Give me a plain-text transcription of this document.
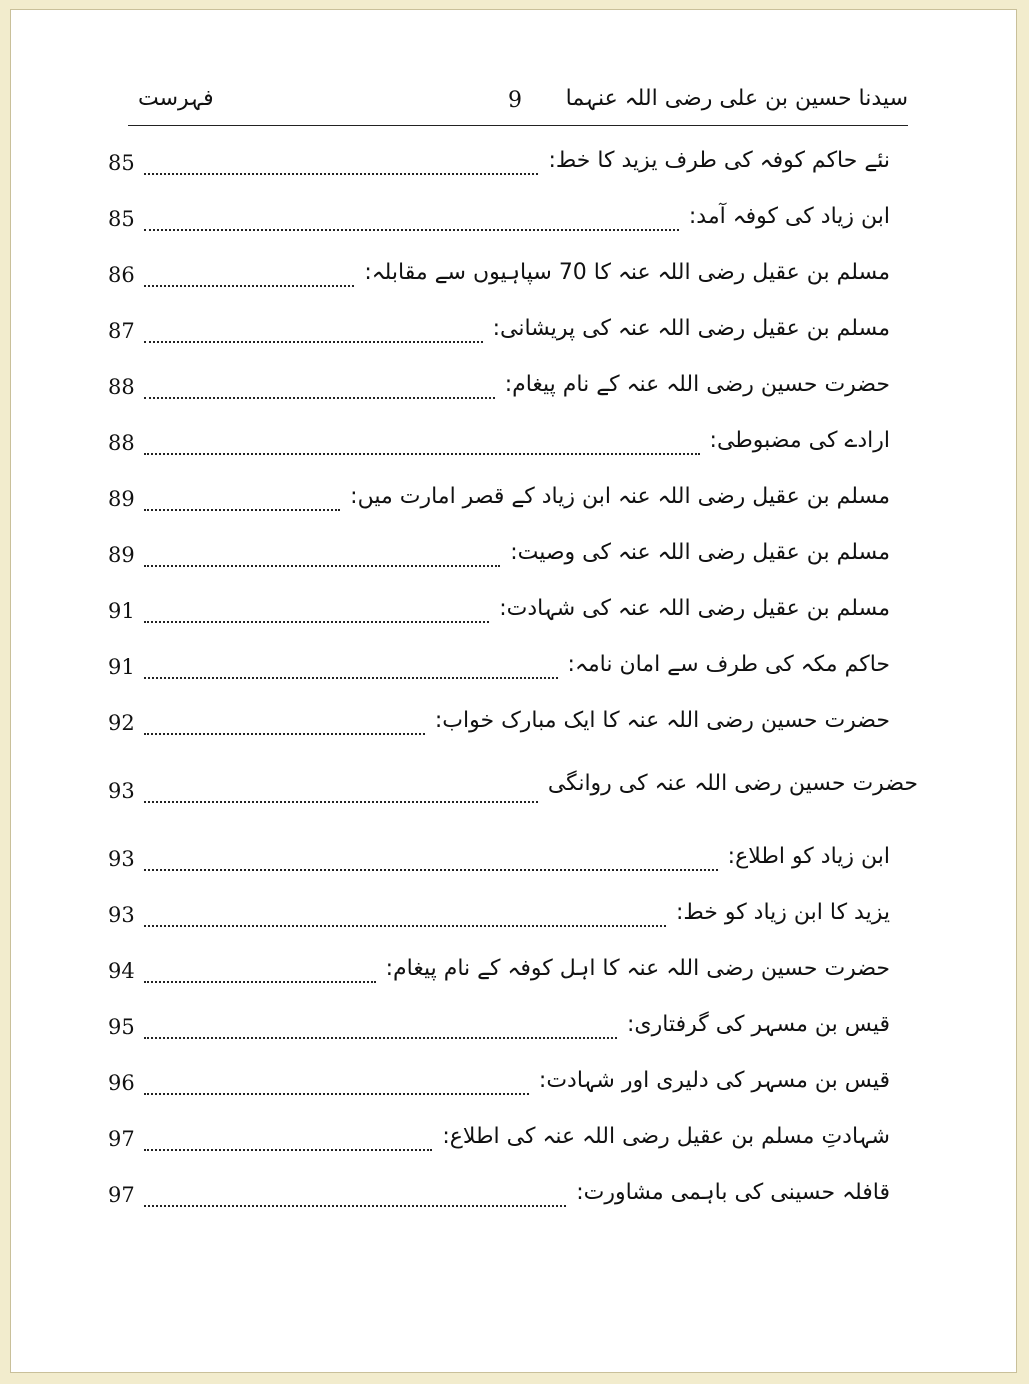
سیدنا حسین بن علی رضی اللہ عنہما
9
فہرست
85	نئے حاکم کوفہ کی طرف یزید کا خط:
85	ابن زیاد کی کوفہ آمد:
86	مسلم بن عقیل رضی اللہ عنہ کا 70 سپاہیوں سے مقابلہ:
87	مسلم بن عقیل رضی اللہ عنہ کی پریشانی:
88	حضرت حسین رضی اللہ عنہ کے نام پیغام:
88	ارادے کی مضبوطی:
89	مسلم بن عقیل رضی اللہ عنہ ابن زیاد کے قصر امارت میں:
89	مسلم بن عقیل رضی اللہ عنہ کی وصیت:
91	مسلم بن عقیل رضی اللہ عنہ کی شہادت:
91	حاکم مکہ کی طرف سے امان نامہ:
92	حضرت حسین رضی اللہ عنہ کا ایک مبارک خواب:
93	حضرت حسین رضی اللہ عنہ کی روانگی
93	ابن زیاد کو اطلاع:
93	یزید کا ابن زیاد کو خط:
94	حضرت حسین رضی اللہ عنہ کا اہل کوفہ کے نام پیغام:
95	قیس بن مسہر کی گرفتاری:
96	قیس بن مسہر کی دلیری اور شہادت:
97	شہادتِ مسلم بن عقیل رضی اللہ عنہ کی اطلاع:
97	قافلہ حسینی کی باہمی مشاورت:
